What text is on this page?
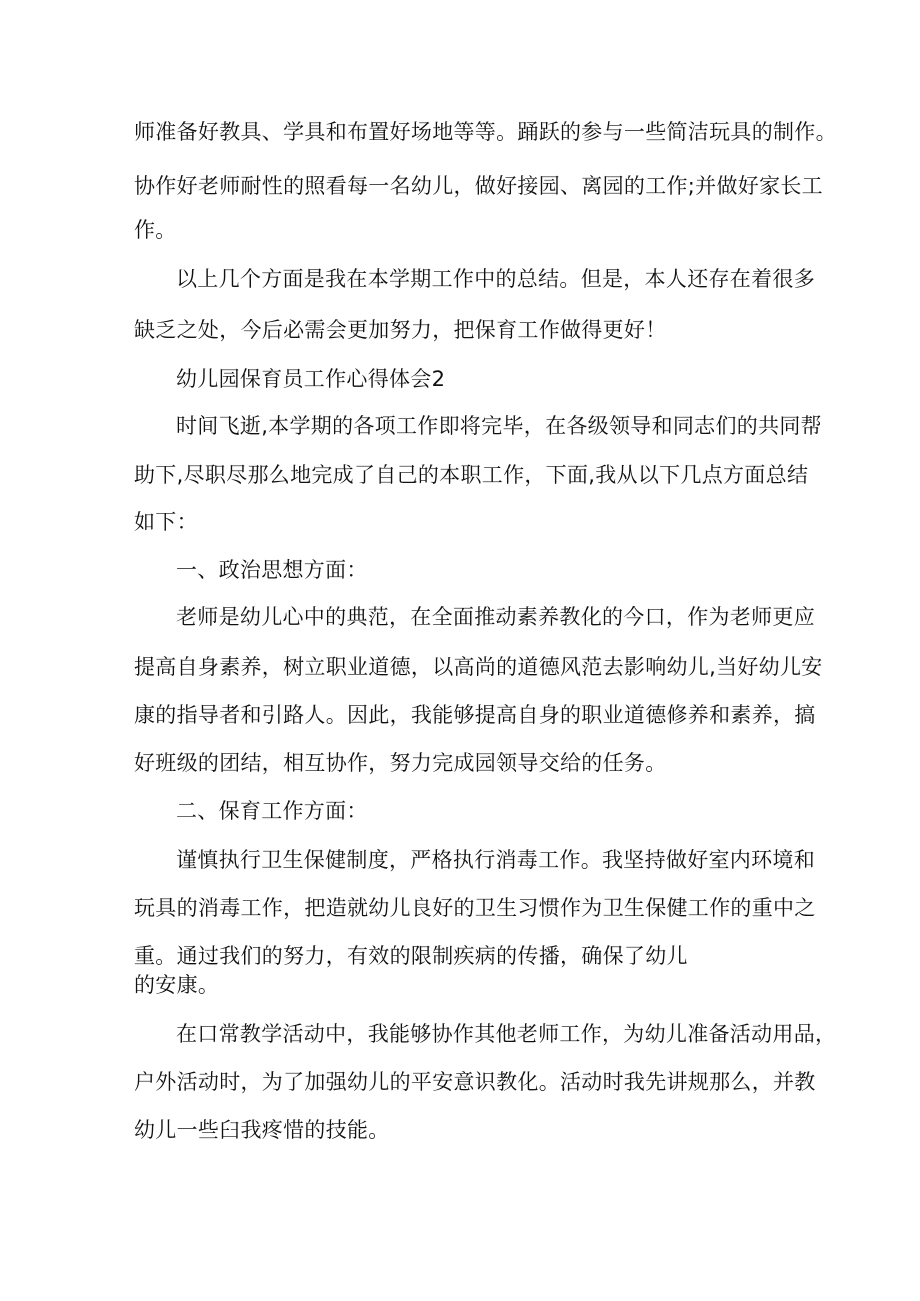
师准备好教具、学具和布置好场地等等。踊跃的参与一些简洁玩具的制作。
协作好老师耐性的照看每一名幼儿，做好接园、离园的工作;并做好家长工
作。
以上几个方面是我在本学期工作中的总结。但是，本人还存在着很多
缺乏之处，今后必需会更加努力，把保育工作做得更好！
幼儿园保育员工作心得体会2
时间飞逝,本学期的各项工作即将完毕，在各级领导和同志们的共同帮
助下,尽职尽那么地完成了自己的本职工作，下面,我从以下几点方面总结
如下：
一、政治思想方面：
老师是幼儿心中的典范，在全面推动素养教化的今口，作为老师更应
提高自身素养，树立职业道德，以高尚的道德风范去影响幼儿,当好幼儿安
康的指导者和引路人。因此，我能够提高自身的职业道德修养和素养，搞
好班级的团结，相互协作，努力完成园领导交给的任务。
二、保育工作方面：
谨慎执行卫生保健制度，严格执行消毒工作。我坚持做好室内环境和
玩具的消毒工作，把造就幼儿良好的卫生习惯作为卫生保健工作的重中之
重。通过我们的努力，有效的限制疾病的传播，确保了幼儿
的安康。
在口常教学活动中，我能够协作其他老师工作，为幼儿准备活动用品，
户外活动时，为了加强幼儿的平安意识教化。活动时我先讲规那么，并教
幼儿一些臼我疼惜的技能。
